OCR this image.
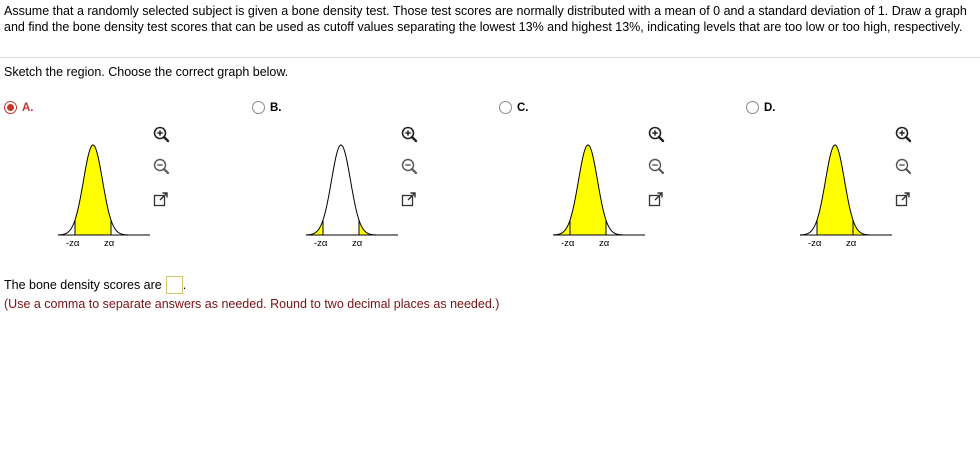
Assume that a randomly selected subject is given a bone density test. Those test scores are normally distributed with a mean of 0 and a standard deviation of 1. Draw a graph and find the bone density test scores that can be used as cutoff values separating the lowest 13% and highest 13%, indicating levels that are too low or too high, respectively.
Sketch the region. Choose the correct graph below.
A.
-zα	zα
B.
-zα	zα
C.
-zα	zα
D.
-zα	zα
The bone density scores are .
(Use a comma to separate answers as needed. Round to two decimal places as needed.)
